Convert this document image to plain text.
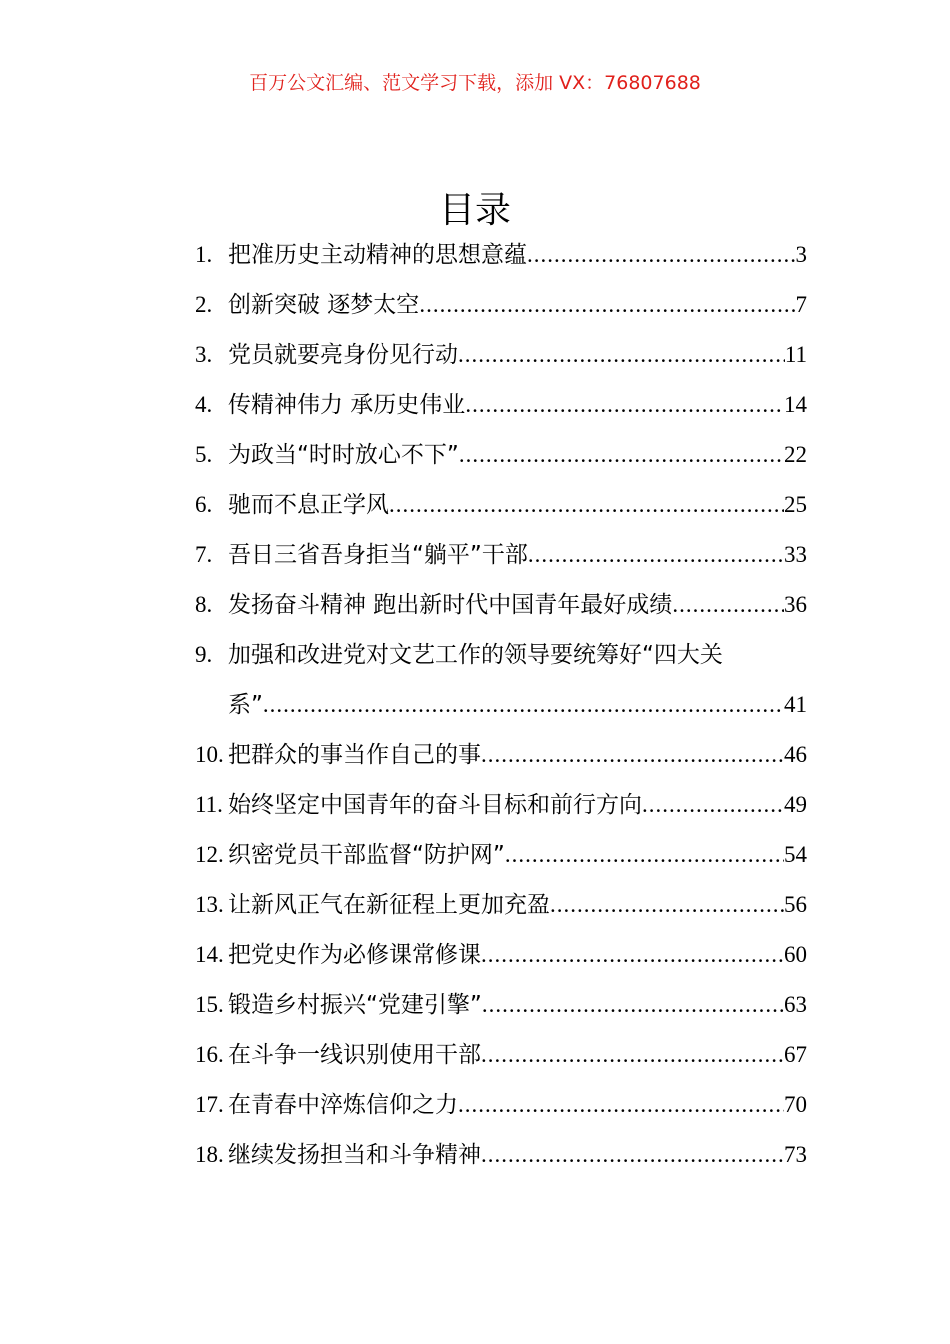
百万公文汇编、范文学习下载，添加 VX：76807688
目录
1. 把准历史主动精神的思想意蕴 .....	3
2. 创新突破 逐梦太空 .....	7
3. 党员就要亮身份见行动 .....	11
4. 传精神伟力 承历史伟业 .....	14
5. 为政当“时时放心不下” .....	22
6. 驰而不息正学风 .....	25
7. 吾日三省吾身拒当“躺平”干部 .....	33
8. 发扬奋斗精神 跑出新时代中国青年最好成绩 .....	36
9. 加强和改进党对文艺工作的领导要统筹好“四大关
系” .....	41
10. 把群众的事当作自己的事 .....	46
11. 始终坚定中国青年的奋斗目标和前行方向 .....	49
12. 织密党员干部监督“防护网” .....	54
13. 让新风正气在新征程上更加充盈 .....	56
14. 把党史作为必修课常修课 .....	60
15. 锻造乡村振兴“党建引擎” .....	63
16. 在斗争一线识别使用干部 .....	67
17. 在青春中淬炼信仰之力 .....	70
18. 继续发扬担当和斗争精神 .....	73
